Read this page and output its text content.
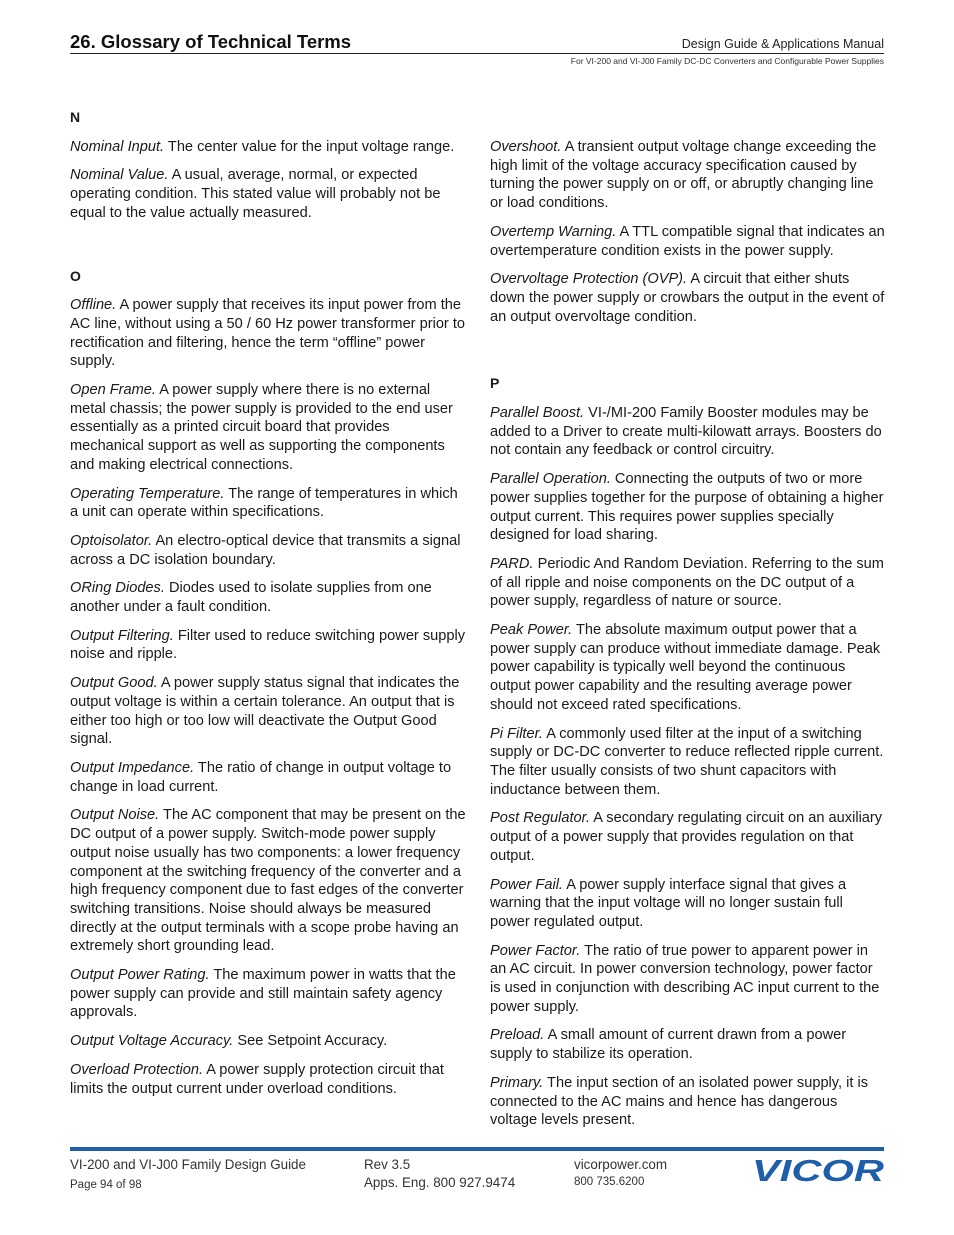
26. Glossary of Technical Terms	Design Guide & Applications Manual
For VI-200 and VI-J00 Family DC-DC Converters and Configurable Power Supplies
N

Nominal Input. The center value for the input voltage range.

Nominal Value. A usual, average, normal, or expected operating condition. This stated value will probably not be equal to the value actually measured.

O

Offline. A power supply that receives its input power from the AC line, without using a 50 / 60 Hz power transformer prior to rectification and filtering, hence the term “offline” power supply.

Open Frame. A power supply where there is no external metal chassis; the power supply is provided to the end user essentially as a printed circuit board that provides mechanical support as well as supporting the components and making electrical connections.

Operating Temperature. The range of temperatures in which a unit can operate within specifications.

Optoisolator. An electro-optical device that transmits a signal across a DC isolation boundary.

ORing Diodes. Diodes used to isolate supplies from one another under a fault condition.

Output Filtering. Filter used to reduce switching power supply noise and ripple.

Output Good. A power supply status signal that indicates the output voltage is within a certain tolerance. An output that is either too high or too low will deactivate the Output Good signal.

Output Impedance. The ratio of change in output voltage to change in load current.

Output Noise. The AC component that may be present on the DC output of a power supply. Switch-mode power supply output noise usually has two components: a lower frequency component at the switching frequency of the converter and a high frequency component due to fast edges of the converter switching transitions. Noise should always be measured directly at the output terminals with a scope probe having an extremely short grounding lead.

Output Power Rating. The maximum power in watts that the power supply can provide and still maintain safety agency approvals.

Output Voltage Accuracy. See Setpoint Accuracy.

Overload Protection. A power supply protection circuit that limits the output current under overload conditions.

Overshoot. A transient output voltage change exceeding the high limit of the voltage accuracy specification caused by turning the power supply on or off, or abruptly changing line or load conditions.

Overtemp Warning. A TTL compatible signal that indicates an overtemperature condition exists in the power supply.

Overvoltage Protection (OVP). A circuit that either shuts down the power supply or crowbars the output in the event of an output overvoltage condition.

P

Parallel Boost. VI-/MI-200 Family Booster modules may be added to a Driver to create multi-kilowatt arrays. Boosters do not contain any feedback or control circuitry.

Parallel Operation. Connecting the outputs of two or more power supplies together for the purpose of obtaining a higher output current. This requires power supplies specially designed for load sharing.

PARD. Periodic And Random Deviation. Referring to the sum of all ripple and noise components on the DC output of a power supply, regardless of nature or source.

Peak Power. The absolute maximum output power that a power supply can produce without immediate damage. Peak power capability is typically well beyond the continuous output power capability and the resulting average power should not exceed rated specifications.

Pi Filter. A commonly used filter at the input of a switching supply or DC-DC converter to reduce reflected ripple current. The filter usually consists of two shunt capacitors with inductance between them.

Post Regulator. A secondary regulating circuit on an auxiliary output of a power supply that provides regulation on that output.

Power Fail. A power supply interface signal that gives a warning that the input voltage will no longer sustain full power regulated output.

Power Factor. The ratio of true power to apparent power in an AC circuit. In power conversion technology, power factor is used in conjunction with describing AC input current to the power supply.

Preload. A small amount of current drawn from a power supply to stabilize its operation.

Primary. The input section of an isolated power supply, it is connected to the AC mains and hence has dangerous voltage levels present.

VI-200 and VI-J00 Family Design Guide
Page 94 of 98
Rev 3.5
Apps. Eng. 800 927.9474
vicorpower.com
800 735.6200	VICOR
